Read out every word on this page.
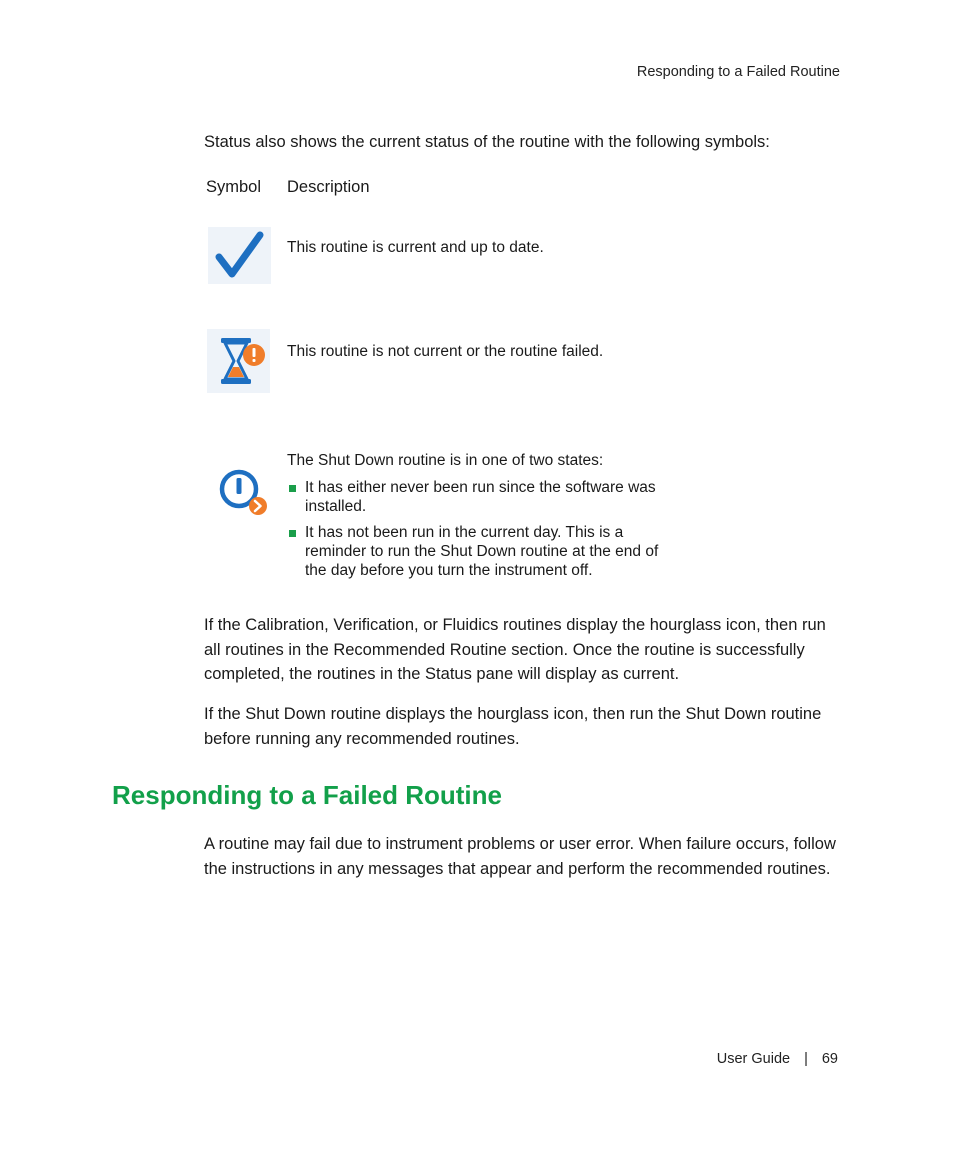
Responding to a Failed Routine
Status also shows the current status of the routine with the following symbols:
Symbol Description
This routine is current and up to date.
This routine is not current or the routine failed.
The Shut Down routine is in one of two states:
It has either never been run since the software was installed.
It has not been run in the current day. This is a reminder to run the Shut Down routine at the end of the day before you turn the instrument off.
If the Calibration, Verification, or Fluidics routines display the hourglass icon, then run all routines in the Recommended Routine section. Once the routine is successfully completed, the routines in the Status pane will display as current.
If the Shut Down routine displays the hourglass icon, then run the Shut Down routine before running any recommended routines.
Responding to a Failed Routine
A routine may fail due to instrument problems or user error. When failure occurs, follow the instructions in any messages that appear and perform the recommended routines.
User Guide | 69
